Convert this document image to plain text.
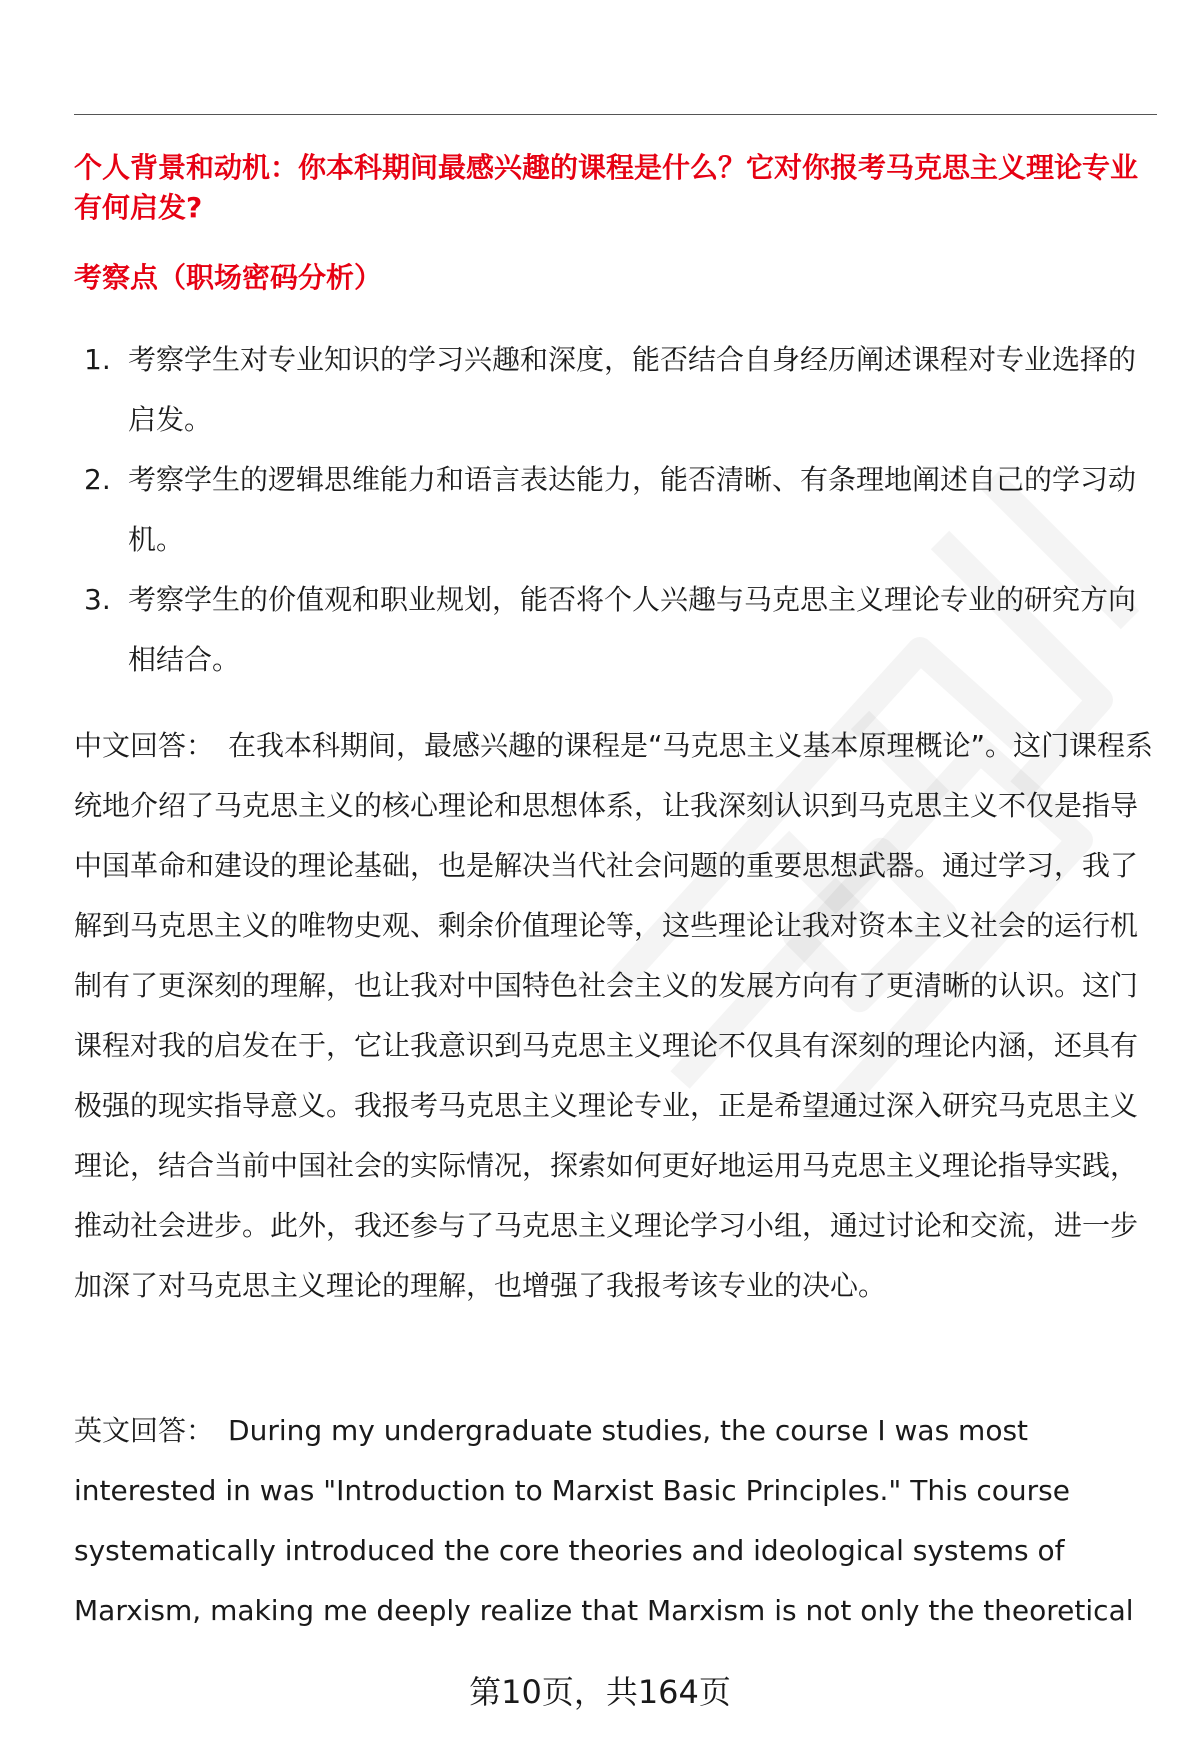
个人背景和动机：你本科期间最感兴趣的课程是什么？它对你报考马克思主义理论专业有何启发?
考察点（职场密码分析）
1. 考察学生对专业知识的学习兴趣和深度，能否结合自身经历阐述课程对专业选择的启发。
2. 考察学生的逻辑思维能力和语言表达能力，能否清晰、有条理地阐述自己的学习动机。
3. 考察学生的价值观和职业规划，能否将个人兴趣与马克思主义理论专业的研究方向相结合。

中文回答： 在我本科期间，最感兴趣的课程是“马克思主义基本原理概论”。这门课程系统地介绍了马克思主义的核心理论和思想体系，让我深刻认识到马克思主义不仅是指导中国革命和建设的理论基础，也是解决当代社会问题的重要思想武器。通过学习，我了解到马克思主义的唯物史观、剩余价值理论等，这些理论让我对资本主义社会的运行机制有了更深刻的理解，也让我对中国特色社会主义的发展方向有了更清晰的认识。这门课程对我的启发在于，它让我意识到马克思主义理论不仅具有深刻的理论内涵，还具有极强的现实指导意义。我报考马克思主义理论专业，正是希望通过深入研究马克思主义理论，结合当前中国社会的实际情况，探索如何更好地运用马克思主义理论指导实践，推动社会进步。此外，我还参与了马克思主义理论学习小组，通过讨论和交流，进一步加深了对马克思主义理论的理解，也增强了我报考该专业的决心。

英文回答： During my undergraduate studies, the course I was most interested in was "Introduction to Marxist Basic Principles." This course systematically introduced the core theories and ideological systems of Marxism, making me deeply realize that Marxism is not only the theoretical

第10页，共164页
